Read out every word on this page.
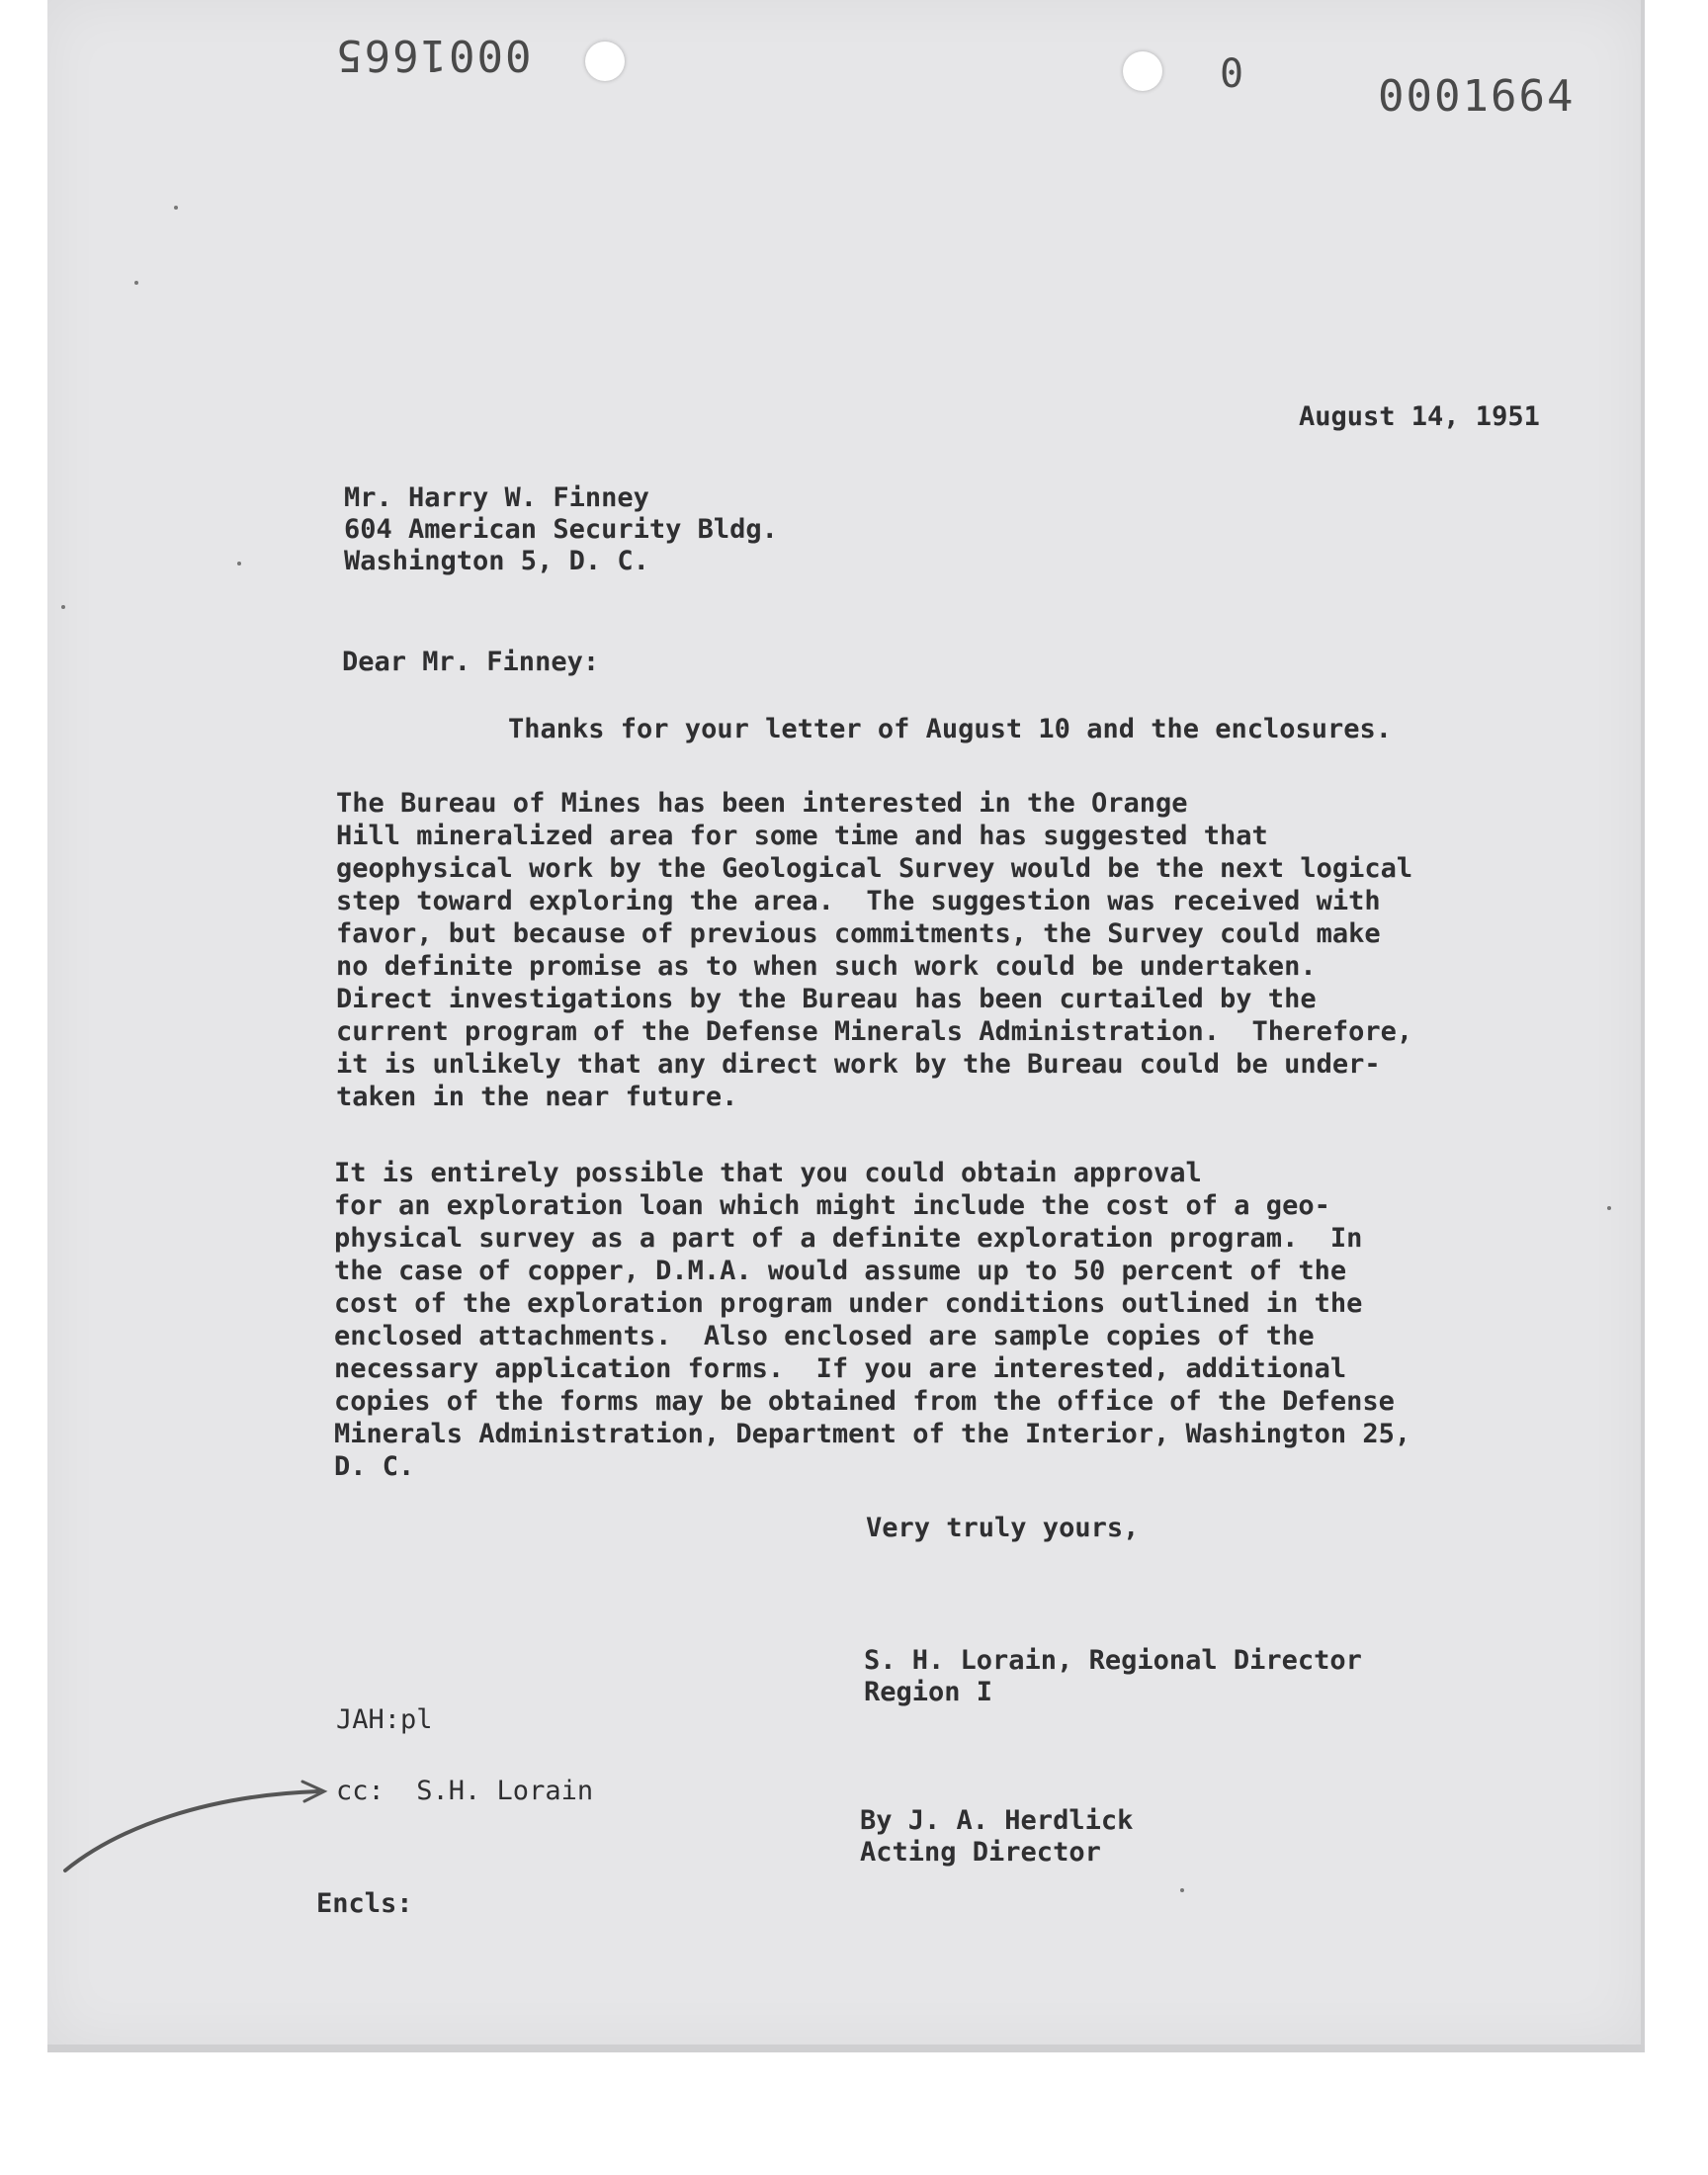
0001665	0	0001664
August 14, 1951
Mr. Harry W. Finney
604 American Security Bldg.
Washington 5, D. C.
Dear Mr. Finney:
Thanks for your letter of August 10 and the enclosures.
The Bureau of Mines has been interested in the Orange
Hill mineralized area for some time and has suggested that
geophysical work by the Geological Survey would be the next logical
step toward exploring the area.  The suggestion was received with
favor, but because of previous commitments, the Survey could make
no definite promise as to when such work could be undertaken.
Direct investigations by the Bureau has been curtailed by the
current program of the Defense Minerals Administration.  Therefore,
it is unlikely that any direct work by the Bureau could be under-
taken in the near future.
It is entirely possible that you could obtain approval
for an exploration loan which might include the cost of a geo-
physical survey as a part of a definite exploration program.  In
the case of copper, D.M.A. would assume up to 50 percent of the
cost of the exploration program under conditions outlined in the
enclosed attachments.  Also enclosed are sample copies of the
necessary application forms.  If you are interested, additional
copies of the forms may be obtained from the office of the Defense
Minerals Administration, Department of the Interior, Washington 25,
D. C.
Very truly yours,
S. H. Lorain, Regional Director
Region I
JAH:pl
cc:  S.H. Lorain
By J. A. Herdlick
Acting Director
Encls:
